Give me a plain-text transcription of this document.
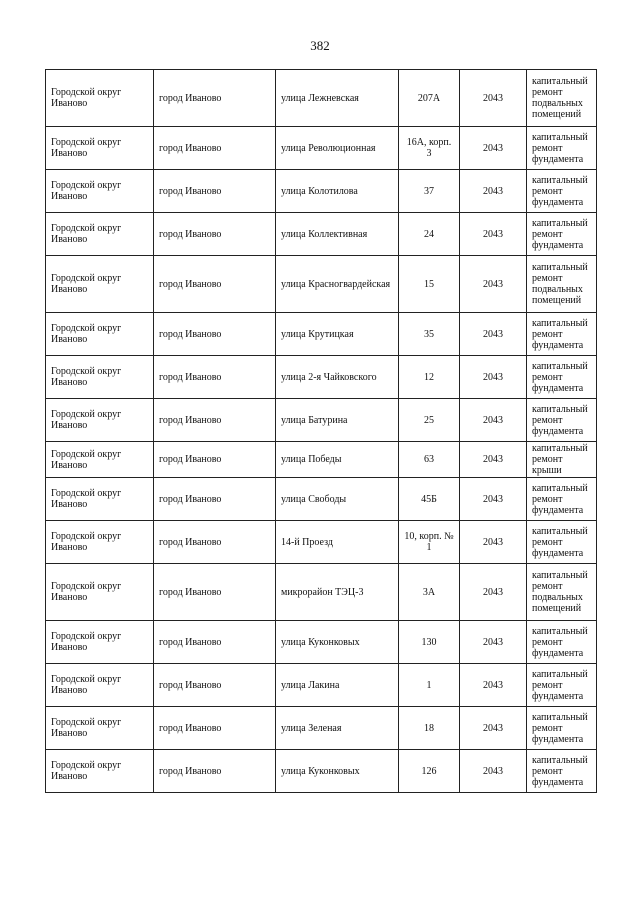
382
Городской округ Иваново	город Иваново	улица Лежневская	207А	2043	капитальный ремонт подвальных помещений
Городской округ Иваново	город Иваново	улица Революционная	16А, корп. 3	2043	капитальный ремонт фундамента
Городской округ Иваново	город Иваново	улица Колотилова	37	2043	капитальный ремонт фундамента
Городской округ Иваново	город Иваново	улица Коллективная	24	2043	капитальный ремонт фундамента
Городской округ Иваново	город Иваново	улица Красногвардейская	15	2043	капитальный ремонт подвальных помещений
Городской округ Иваново	город Иваново	улица Крутицкая	35	2043	капитальный ремонт фундамента
Городской округ Иваново	город Иваново	улица 2-я Чайковского	12	2043	капитальный ремонт фундамента
Городской округ Иваново	город Иваново	улица Батурина	25	2043	капитальный ремонт фундамента
Городской округ Иваново	город Иваново	улица Победы	63	2043	капитальный ремонт крыши
Городской округ Иваново	город Иваново	улица Свободы	45Б	2043	капитальный ремонт фундамента
Городской округ Иваново	город Иваново	14-й Проезд	10, корп. № 1	2043	капитальный ремонт фундамента
Городской округ Иваново	город Иваново	микрорайон ТЭЦ-3	3А	2043	капитальный ремонт подвальных помещений
Городской округ Иваново	город Иваново	улица Куконковых	130	2043	капитальный ремонт фундамента
Городской округ Иваново	город Иваново	улица Лакина	1	2043	капитальный ремонт фундамента
Городской округ Иваново	город Иваново	улица Зеленая	18	2043	капитальный ремонт фундамента
Городской округ Иваново	город Иваново	улица Куконковых	126	2043	капитальный ремонт фундамента
